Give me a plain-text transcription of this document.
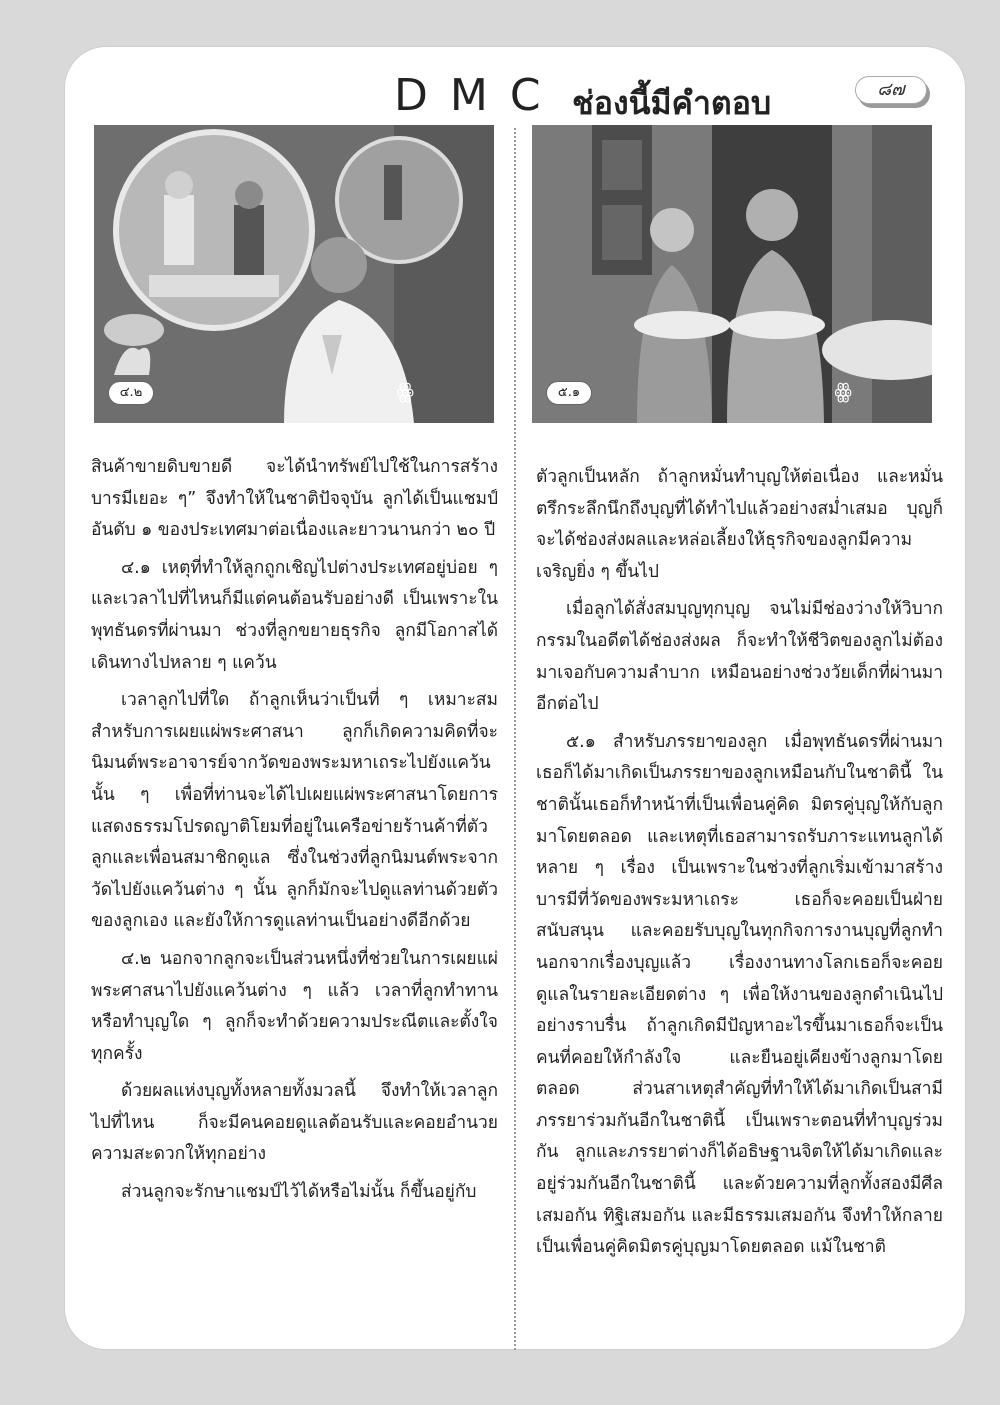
DMC ช่องนี้มีคำตอบ	๘๗
๔.๒	ꙮ	๕.๑	ꙮ

สินค้าขายดิบขายดี จะได้นำทรัพย์ไปใช้ในการสร้างบารมีเยอะ ๆ” จึงทำให้ในชาติปัจจุบัน ลูกได้เป็นแชมป์อันดับ ๑ ของประเทศมาต่อเนื่องและยาวนานกว่า ๒๐ ปี

๔.๑ เหตุที่ทำให้ลูกถูกเชิญไปต่างประเทศอยู่บ่อย ๆ และเวลาไปที่ไหนก็มีแต่คนต้อนรับอย่างดี เป็นเพราะในพุทธันดรที่ผ่านมา ช่วงที่ลูกขยายธุรกิจ ลูกมีโอกาสได้เดินทางไปหลาย ๆ แคว้น

เวลาลูกไปที่ใด ถ้าลูกเห็นว่าเป็นที่ ๆ เหมาะสมสำหรับการเผยแผ่พระศาสนา ลูกก็เกิดความคิดที่จะนิมนต์พระอาจารย์จากวัดของพระมหาเถระไปยังแคว้นนั้น ๆ เพื่อที่ท่านจะได้ไปเผยแผ่พระศาสนาโดยการแสดงธรรมโปรดญาติโยมที่อยู่ในเครือข่ายร้านค้าที่ตัวลูกและเพื่อนสมาชิกดูแล ซึ่งในช่วงที่ลูกนิมนต์พระจากวัดไปยังแคว้นต่าง ๆ นั้น ลูกก็มักจะไปดูแลท่านด้วยตัวของลูกเอง และยังให้การดูแลท่านเป็นอย่างดีอีกด้วย

๔.๒ นอกจากลูกจะเป็นส่วนหนึ่งที่ช่วยในการเผยแผ่พระศาสนาไปยังแคว้นต่าง ๆ แล้ว เวลาที่ลูกทำทานหรือทำบุญใด ๆ ลูกก็จะทำด้วยความประณีตและตั้งใจทุกครั้ง

ด้วยผลแห่งบุญทั้งหลายทั้งมวลนี้ จึงทำให้เวลาลูกไปที่ไหน ก็จะมีคนคอยดูแลต้อนรับและคอยอำนวยความสะดวกให้ทุกอย่าง

ส่วนลูกจะรักษาแชมป์ไว้ได้หรือไม่นั้น ก็ขึ้นอยู่กับ

ตัวลูกเป็นหลัก ถ้าลูกหมั่นทำบุญให้ต่อเนื่อง และหมั่นตรึกระลึกนึกถึงบุญที่ได้ทำไปแล้วอย่างสม่ำเสมอ บุญก็จะได้ช่องส่งผลและหล่อเลี้ยงให้ธุรกิจของลูกมีความเจริญยิ่ง ๆ ขึ้นไป

เมื่อลูกได้สั่งสมบุญทุกบุญ จนไม่มีช่องว่างให้วิบากกรรมในอดีตได้ช่องส่งผล ก็จะทำให้ชีวิตของลูกไม่ต้องมาเจอกับความลำบาก เหมือนอย่างช่วงวัยเด็กที่ผ่านมาอีกต่อไป

๕.๑ สำหรับภรรยาของลูก เมื่อพุทธันดรที่ผ่านมาเธอก็ได้มาเกิดเป็นภรรยาของลูกเหมือนกับในชาตินี้ ในชาตินั้นเธอก็ทำหน้าที่เป็นเพื่อนคู่คิด มิตรคู่บุญให้กับลูกมาโดยตลอด และเหตุที่เธอสามารถรับภาระแทนลูกได้หลาย ๆ เรื่อง เป็นเพราะในช่วงที่ลูกเริ่มเข้ามาสร้างบารมีที่วัดของพระมหาเถระ เธอก็จะคอยเป็นฝ่ายสนับสนุน และคอยรับบุญในทุกกิจการงานบุญที่ลูกทำ นอกจากเรื่องบุญแล้ว เรื่องงานทางโลกเธอก็จะคอยดูแลในรายละเอียดต่าง ๆ เพื่อให้งานของลูกดำเนินไปอย่างราบรื่น ถ้าลูกเกิดมีปัญหาอะไรขึ้นมาเธอก็จะเป็นคนที่คอยให้กำลังใจ และยืนอยู่เคียงข้างลูกมาโดยตลอด ส่วนสาเหตุสำคัญที่ทำให้ได้มาเกิดเป็นสามีภรรยาร่วมกันอีกในชาตินี้ เป็นเพราะตอนที่ทำบุญร่วมกัน ลูกและภรรยาต่างก็ได้อธิษฐานจิตให้ได้มาเกิดและอยู่ร่วมกันอีกในชาตินี้ และด้วยความที่ลูกทั้งสองมีศีลเสมอกัน ทิฐิเสมอกัน และมีธรรมเสมอกัน จึงทำให้กลายเป็นเพื่อนคู่คิดมิตรคู่บุญมาโดยตลอด แม้ในชาติ
